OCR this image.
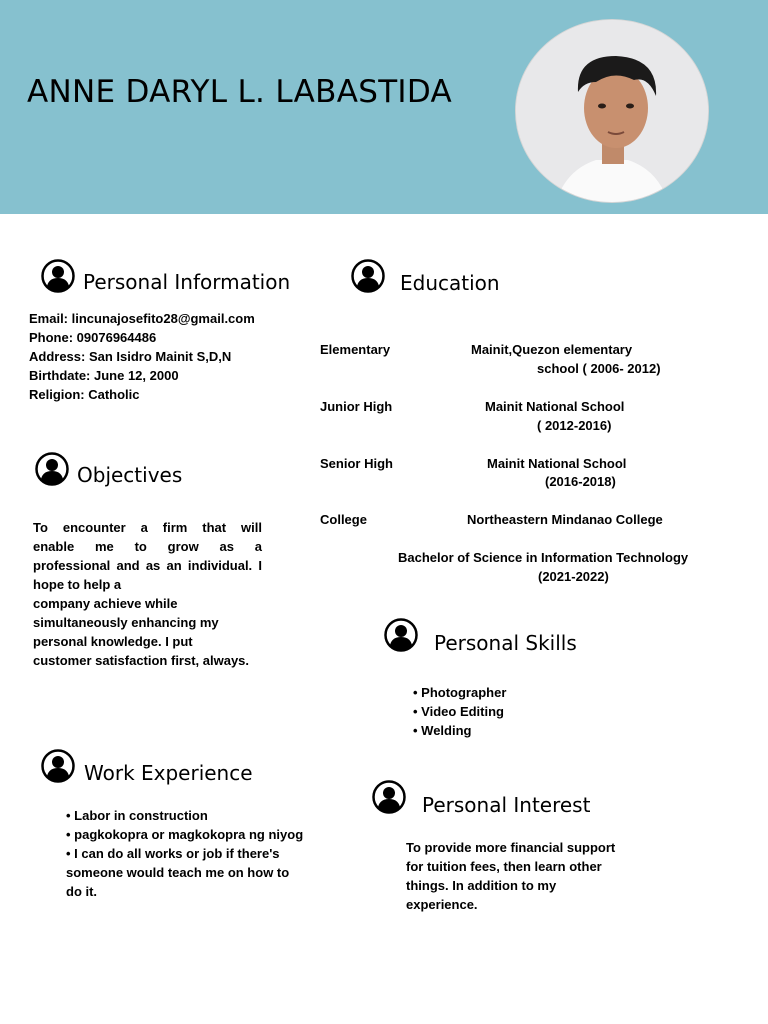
ANNE DARYL L. LABASTIDA
Personal Information
Email: lincunajosefito28@gmail.com
Phone: 09076964486
Address: San Isidro Mainit S,D,N
Birthdate: June 12, 2000
Religion: Catholic
Objectives
To encounter a firm that will
enable me to grow as a
professional and as an individual. I
hope to help a
company achieve while
simultaneously enhancing my
personal knowledge. I put
customer satisfaction first, always.
Work Experience
• Labor in construction
• pagkokopra or magkokopra ng niyog
• I can do all works or job if there's
someone would teach me on how to
do it.
Education
Elementary	Mainit,Quezon elementary
school ( 2006- 2012)
Junior High	Mainit National School
( 2012-2016)
Senior High	Mainit National School
(2016-2018)
College	Northeastern Mindanao College
Bachelor of Science in Information Technology
(2021-2022)
Personal Skills
• Photographer
• Video Editing
• Welding
Personal Interest
To provide more financial support
for tuition fees, then learn other
things. In addition to my
experience.
